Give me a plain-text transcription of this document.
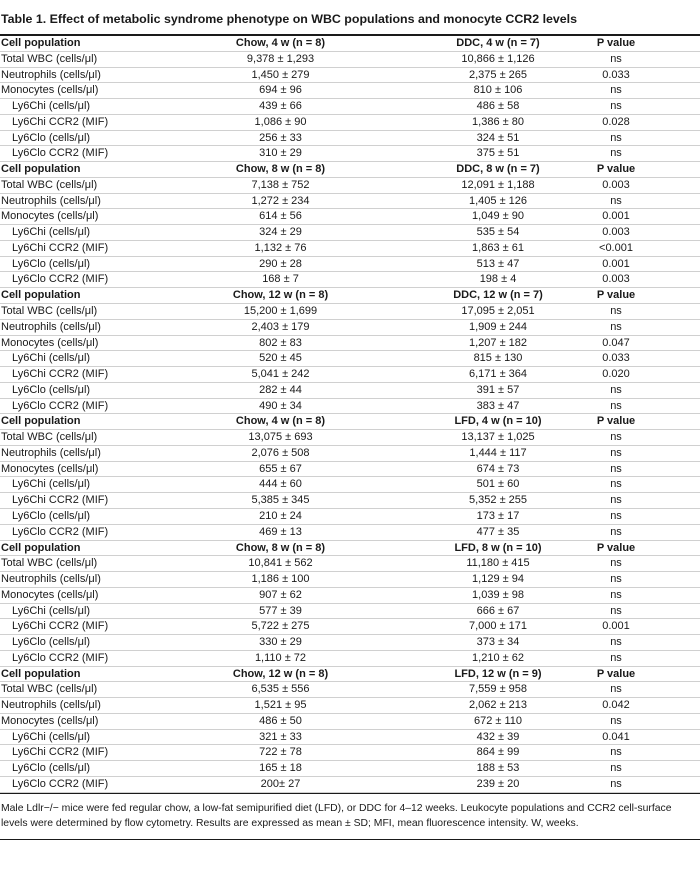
Table 1. Effect of metabolic syndrome phenotype on WBC populations and monocyte CCR2 levels
Cell population	Chow, 4 w (n = 8)	DDC, 4 w (n = 7)	P value
Total WBC (cells/μl)	9,378 ± 1,293	10,866 ± 1,126	ns
Neutrophils (cells/μl)	1,450 ± 279	2,375 ± 265	0.033
Monocytes (cells/μl)	694 ± 96	810 ± 106	ns
Ly6Chi (cells/μl)	439 ± 66	486 ± 58	ns
Ly6Chi CCR2 (MIF)	1,086 ± 90	1,386 ± 80	0.028
Ly6Clo (cells/μl)	256 ± 33	324 ± 51	ns
Ly6Clo CCR2 (MIF)	310 ± 29	375 ± 51	ns
Cell population	Chow, 8 w (n = 8)	DDC, 8 w (n = 7)	P value
Total WBC (cells/μl)	7,138 ± 752	12,091 ± 1,188	0.003
Neutrophils (cells/μl)	1,272 ± 234	1,405 ± 126	ns
Monocytes (cells/μl)	614 ± 56	1,049 ± 90	0.001
Ly6Chi (cells/μl)	324 ± 29	535 ± 54	0.003
Ly6Chi CCR2 (MIF)	1,132 ± 76	1,863 ± 61	<0.001
Ly6Clo (cells/μl)	290 ± 28	513 ± 47	0.001
Ly6Clo CCR2 (MIF)	168 ± 7	198 ± 4	0.003
Cell population	Chow, 12 w (n = 8)	DDC, 12 w (n = 7)	P value
Total WBC (cells/μl)	15,200 ± 1,699	17,095 ± 2,051	ns
Neutrophils (cells/μl)	2,403 ± 179	1,909 ± 244	ns
Monocytes (cells/μl)	802 ± 83	1,207 ± 182	0.047
Ly6Chi (cells/μl)	520 ± 45	815 ± 130	0.033
Ly6Chi CCR2 (MIF)	5,041 ± 242	6,171 ± 364	0.020
Ly6Clo (cells/μl)	282 ± 44	391 ± 57	ns
Ly6Clo CCR2 (MIF)	490 ± 34	383 ± 47	ns
Cell population	Chow, 4 w (n = 8)	LFD, 4 w (n = 10)	P value
Total WBC (cells/μl)	13,075 ± 693	13,137 ± 1,025	ns
Neutrophils (cells/μl)	2,076 ± 508	1,444 ± 117	ns
Monocytes (cells/μl)	655 ± 67	674 ± 73	ns
Ly6Chi (cells/μl)	444 ± 60	501 ± 60	ns
Ly6Chi CCR2 (MIF)	5,385 ± 345	5,352 ± 255	ns
Ly6Clo (cells/μl)	210 ± 24	173 ± 17	ns
Ly6Clo CCR2 (MIF)	469 ± 13	477 ± 35	ns
Cell population	Chow, 8 w (n = 8)	LFD, 8 w (n = 10)	P value
Total WBC (cells/μl)	10,841 ± 562	11,180 ± 415	ns
Neutrophils (cells/μl)	1,186 ± 100	1,129 ± 94	ns
Monocytes (cells/μl)	907 ± 62	1,039 ± 98	ns
Ly6Chi (cells/μl)	577 ± 39	666 ± 67	ns
Ly6Chi CCR2 (MIF)	5,722 ± 275	7,000 ± 171	0.001
Ly6Clo (cells/μl)	330 ± 29	373 ± 34	ns
Ly6Clo CCR2 (MIF)	1,110 ± 72	1,210 ± 62	ns
Cell population	Chow, 12 w (n = 8)	LFD, 12 w (n = 9)	P value
Total WBC (cells/μl)	6,535 ± 556	7,559 ± 958	ns
Neutrophils (cells/μl)	1,521 ± 95	2,062 ± 213	0.042
Monocytes (cells/μl)	486 ± 50	672 ± 110	ns
Ly6Chi (cells/μl)	321 ± 33	432 ± 39	0.041
Ly6Chi CCR2 (MIF)	722 ± 78	864 ± 99	ns
Ly6Clo (cells/μl)	165 ± 18	188 ± 53	ns
Ly6Clo CCR2 (MIF)	200± 27	239 ± 20	ns
Male Ldlr−/− mice were fed regular chow, a low-fat semipurified diet (LFD), or DDC for 4–12 weeks. Leukocyte populations and CCR2 cell-surface levels were determined by flow cytometry. Results are expressed as mean ± SD; MFI, mean fluorescence intensity. W, weeks.
